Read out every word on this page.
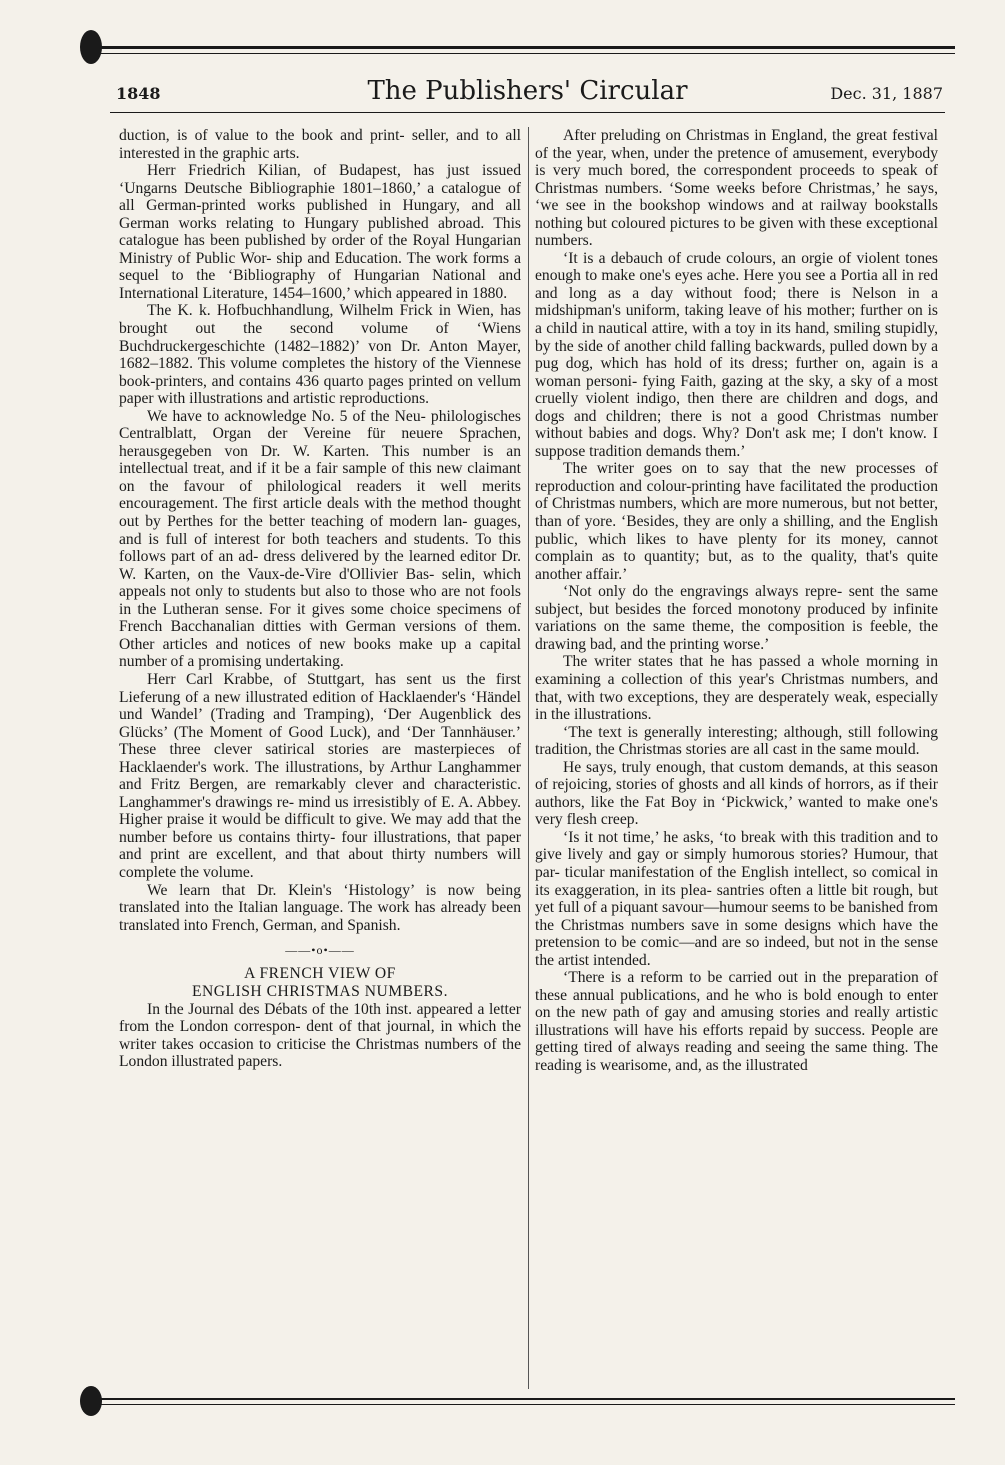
1848	The Publishers' Circular	Dec. 31, 1887

duction, is of value to the book and print- seller, and to all interested in the graphic arts.

Herr Friedrich Kilian, of Budapest, has just issued ‘Ungarns Deutsche Bibliographie 1801–1860,’ a catalogue of all German-printed works published in Hungary, and all German works relating to Hungary published abroad. This catalogue has been published by order of the Royal Hungarian Ministry of Public Wor- ship and Education. The work forms a sequel to the ‘Bibliography of Hungarian National and International Literature, 1454–1600,’ which appeared in 1880.

The K. k. Hofbuchhandlung, Wilhelm Frick in Wien, has brought out the second volume of ‘Wiens Buchdruckergeschichte (1482–1882)’ von Dr. Anton Mayer, 1682–1882. This volume completes the history of the Viennese book-printers, and contains 436 quarto pages printed on vellum paper with illustrations and artistic reproductions.

We have to acknowledge No. 5 of the Neu- philologisches Centralblatt, Organ der Vereine für neuere Sprachen, herausgegeben von Dr. W. Karten. This number is an intellectual treat, and if it be a fair sample of this new claimant on the favour of philological readers it well merits encouragement. The first article deals with the method thought out by Perthes for the better teaching of modern lan- guages, and is full of interest for both teachers and students. To this follows part of an ad- dress delivered by the learned editor Dr. W. Karten, on the Vaux-de-Vire d'Ollivier Bas- selin, which appeals not only to students but also to those who are not fools in the Lutheran sense. For it gives some choice specimens of French Bacchanalian ditties with German versions of them. Other articles and notices of new books make up a capital number of a promising undertaking.

Herr Carl Krabbe, of Stuttgart, has sent us the first Lieferung of a new illustrated edition of Hacklaender's ‘Händel und Wandel’ (Trading and Tramping), ‘Der Augenblick des Glücks’ (The Moment of Good Luck), and ‘Der Tannhäuser.’ These three clever satirical stories are masterpieces of Hacklaender's work. The illustrations, by Arthur Langhammer and Fritz Bergen, are remarkably clever and characteristic. Langhammer's drawings re- mind us irresistibly of E. A. Abbey. Higher praise it would be difficult to give. We may add that the number before us contains thirty- four illustrations, that paper and print are excellent, and that about thirty numbers will complete the volume.

We learn that Dr. Klein's ‘Histology’ is now being translated into the Italian language. The work has already been translated into French, German, and Spanish.

——•o•——
A FRENCH VIEW OF
ENGLISH CHRISTMAS NUMBERS.

In the Journal des Débats of the 10th inst. appeared a letter from the London correspon- dent of that journal, in which the writer takes occasion to criticise the Christmas numbers of the London illustrated papers.

After preluding on Christmas in England, the great festival of the year, when, under the pretence of amusement, everybody is very much bored, the correspondent proceeds to speak of Christmas numbers. ‘Some weeks before Christmas,’ he says, ‘we see in the bookshop windows and at railway bookstalls nothing but coloured pictures to be given with these exceptional numbers.

‘It is a debauch of crude colours, an orgie of violent tones enough to make one's eyes ache. Here you see a Portia all in red and long as a day without food; there is Nelson in a midshipman's uniform, taking leave of his mother; further on is a child in nautical attire, with a toy in its hand, smiling stupidly, by the side of another child falling backwards, pulled down by a pug dog, which has hold of its dress; further on, again is a woman personi- fying Faith, gazing at the sky, a sky of a most cruelly violent indigo, then there are children and dogs, and dogs and children; there is not a good Christmas number without babies and dogs. Why? Don't ask me; I don't know. I suppose tradition demands them.’

The writer goes on to say that the new processes of reproduction and colour-printing have facilitated the production of Christmas numbers, which are more numerous, but not better, than of yore. ‘Besides, they are only a shilling, and the English public, which likes to have plenty for its money, cannot complain as to quantity; but, as to the quality, that's quite another affair.’

‘Not only do the engravings always repre- sent the same subject, but besides the forced monotony produced by infinite variations on the same theme, the composition is feeble, the drawing bad, and the printing worse.’

The writer states that he has passed a whole morning in examining a collection of this year's Christmas numbers, and that, with two exceptions, they are desperately weak, especially in the illustrations.

‘The text is generally interesting; although, still following tradition, the Christmas stories are all cast in the same mould.

He says, truly enough, that custom demands, at this season of rejoicing, stories of ghosts and all kinds of horrors, as if their authors, like the Fat Boy in ‘Pickwick,’ wanted to make one's very flesh creep.

‘Is it not time,’ he asks, ‘to break with this tradition and to give lively and gay or simply humorous stories? Humour, that par- ticular manifestation of the English intellect, so comical in its exaggeration, in its plea- santries often a little bit rough, but yet full of a piquant savour—humour seems to be banished from the Christmas numbers save in some designs which have the pretension to be comic—and are so indeed, but not in the sense the artist intended.

‘There is a reform to be carried out in the preparation of these annual publications, and he who is bold enough to enter on the new path of gay and amusing stories and really artistic illustrations will have his efforts repaid by success. People are getting tired of always reading and seeing the same thing. The reading is wearisome, and, as the illustrated
